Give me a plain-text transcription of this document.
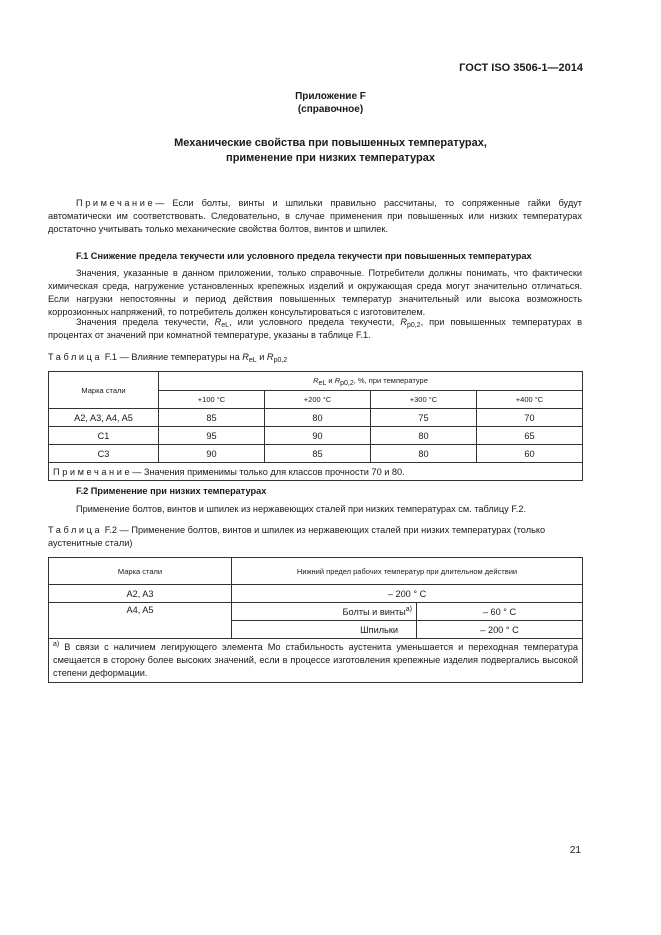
ГОСТ ISO 3506-1—2014
Приложение F
(справочное)
Механические свойства при повышенных температурах,
применение при низких температурах
Примечание— Если болты, винты и шпильки правильно рассчитаны, то сопряженные гайки будут автоматически им соответствовать. Следовательно, в случае применения при повышенных или низких температурах достаточно учитывать только механические свойства болтов, винтов и шпилек.
F.1 Снижение предела текучести или условного предела текучести при повышенных температурах
Значения, указанные в данном приложении, только справочные. Потребители должны понимать, что фактически химическая среда, нагружение установленных крепежных изделий и окружающая среда могут значительно отличаться. Если нагрузки непостоянны и период действия повышенных температур значительный или высока возможность коррозионных напряжений, то потребитель должен консультироваться с изготовителем.
Значения предела текучести, $R_{eL}$, или условного предела текучести, $R_{p0,2}$, при повышенных температурах в процентах от значений при комнатной температуре, указаны в таблице F.1.
Таблица F.1 — Влияние температуры на $R_{eL}$ и $R_{p0,2}$
Марка стали	$R_{eL}$ и $R_{p0,2}$, %, при температуре			
	+100 °C	+200 °C	+300 °C	+400 °C
A2, A3, A4, A5	85	80	75	70
C1	95	90	80	65
C3	90	85	80	60
Примечание— Значения применимы только для классов прочности 70 и 80.				
F.2 Применение при низких температурах
Применение болтов, винтов и шпилек из нержавеющих сталей при низких температурах см. таблицу F.2.
Таблица F.2 — Применение болтов, винтов и шпилек из нержавеющих сталей при низких температурах (только аустенитные стали)
Марка стали	Нижний предел рабочих температур при длительном действии	
A2, A3	– 200 ° C	
A4, A5	Болты и винты$^{a)}$	– 60 ° C
	Шпильки	– 200 ° C
$^{a)}$ В связи с наличием легирующего элемента Mo стабильность аустенита уменьшается и переходная температура смещается в сторону более высоких значений, если в процессе изготовления крепежные изделия подвергались высокой степени деформации.		
21
